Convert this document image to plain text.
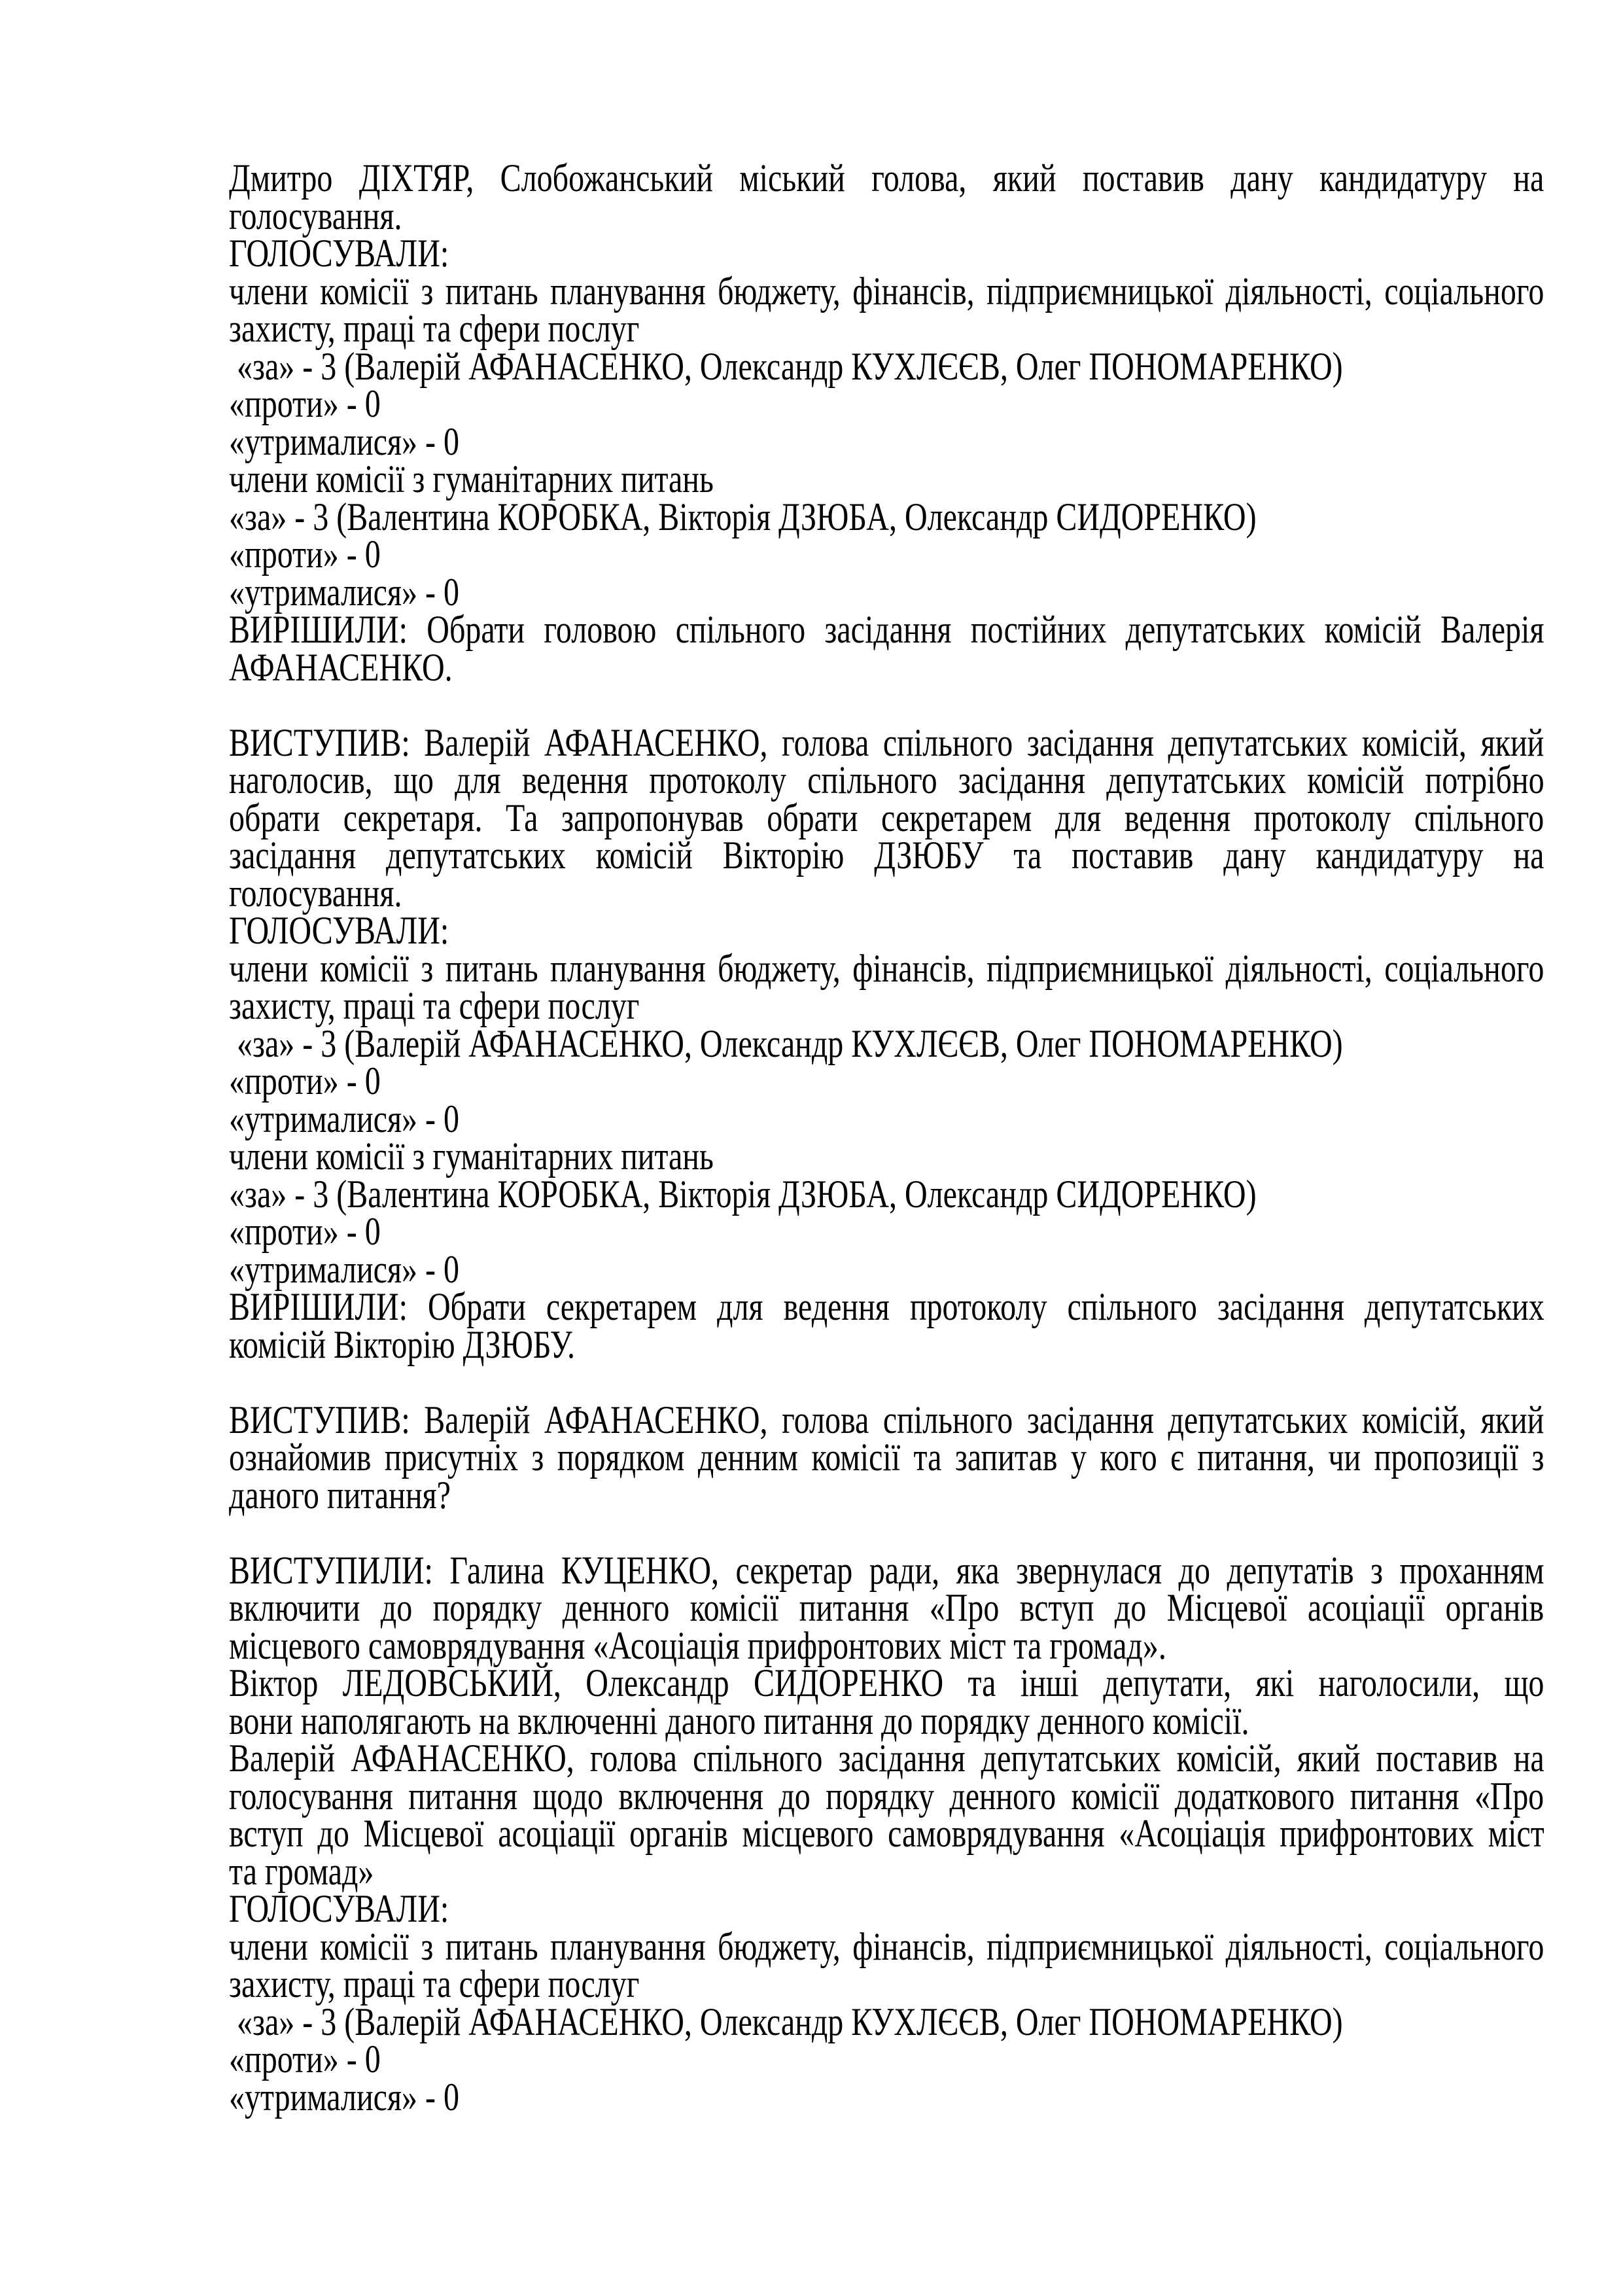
Дмитро  ДІХТЯР,  Слобожанський  міський  голова,  який  поставив  дану  кандидатуру  на
голосування.
ГОЛОСУВАЛИ:
члени комісії з питань планування бюджету, фінансів, підприємницької діяльності, соціального
захисту, праці та сфери послуг
«за» - 3 (Валерій АФАНАСЕНКО, Олександр КУХЛЄЄВ, Олег ПОНОМАРЕНКО)
«проти» - 0
«утрималися» - 0
члени комісії з гуманітарних питань
«за» - 3 (Валентина КОРОБКА, Вікторія ДЗЮБА, Олександр СИДОРЕНКО)
«проти» - 0
«утрималися» - 0
ВИРІШИЛИ:  Обрати  головою  спільного  засідання  постійних  депутатських  комісій  Валерія
АФАНАСЕНКО.
ВИСТУПИВ: Валерій АФАНАСЕНКО, голова спільного засідання депутатських комісій, який
наголосив,  що  для  ведення  протоколу  спільного  засідання  депутатських  комісій  потрібно
обрати  секретаря.  Та  запропонував  обрати  секретарем  для  ведення  протоколу  спільного
засідання  депутатських  комісій  Вікторію  ДЗЮБУ  та  поставив  дану  кандидатуру  на
голосування.
ГОЛОСУВАЛИ:
члени комісії з питань планування бюджету, фінансів, підприємницької діяльності, соціального
захисту, праці та сфери послуг
«за» - 3 (Валерій АФАНАСЕНКО, Олександр КУХЛЄЄВ, Олег ПОНОМАРЕНКО)
«проти» - 0
«утрималися» - 0
члени комісії з гуманітарних питань
«за» - 3 (Валентина КОРОБКА, Вікторія ДЗЮБА, Олександр СИДОРЕНКО)
«проти» - 0
«утрималися» - 0
ВИРІШИЛИ:  Обрати  секретарем  для  ведення  протоколу  спільного  засідання  депутатських
комісій Вікторію ДЗЮБУ.
ВИСТУПИВ: Валерій АФАНАСЕНКО, голова спільного засідання депутатських комісій, який
ознайомив присутніх з порядком денним комісії та запитав у кого є питання, чи пропозиції з
даного питання?
ВИСТУПИЛИ: Галина КУЦЕНКО, секретар ради, яка звернулася до депутатів з проханням
включити  до  порядку  денного  комісії  питання  «Про  вступ  до  Місцевої  асоціації  органів
місцевого самоврядування «Асоціація прифронтових міст та громад».
Віктор  ЛЕДОВСЬКИЙ,  Олександр  СИДОРЕНКО  та  інші  депутати,  які  наголосили,  що
вони наполягають на включенні даного питання до порядку денного комісії.
Валерій АФАНАСЕНКО, голова спільного засідання депутатських комісій, який поставив на
голосування  питання  щодо  включення  до  порядку  денного  комісії  додаткового  питання  «Про
вступ до Місцевої асоціації органів місцевого самоврядування «Асоціація прифронтових міст
та громад»
ГОЛОСУВАЛИ:
члени комісії з питань планування бюджету, фінансів, підприємницької діяльності, соціального
захисту, праці та сфери послуг
«за» - 3 (Валерій АФАНАСЕНКО, Олександр КУХЛЄЄВ, Олег ПОНОМАРЕНКО)
«проти» - 0
«утрималися» - 0
